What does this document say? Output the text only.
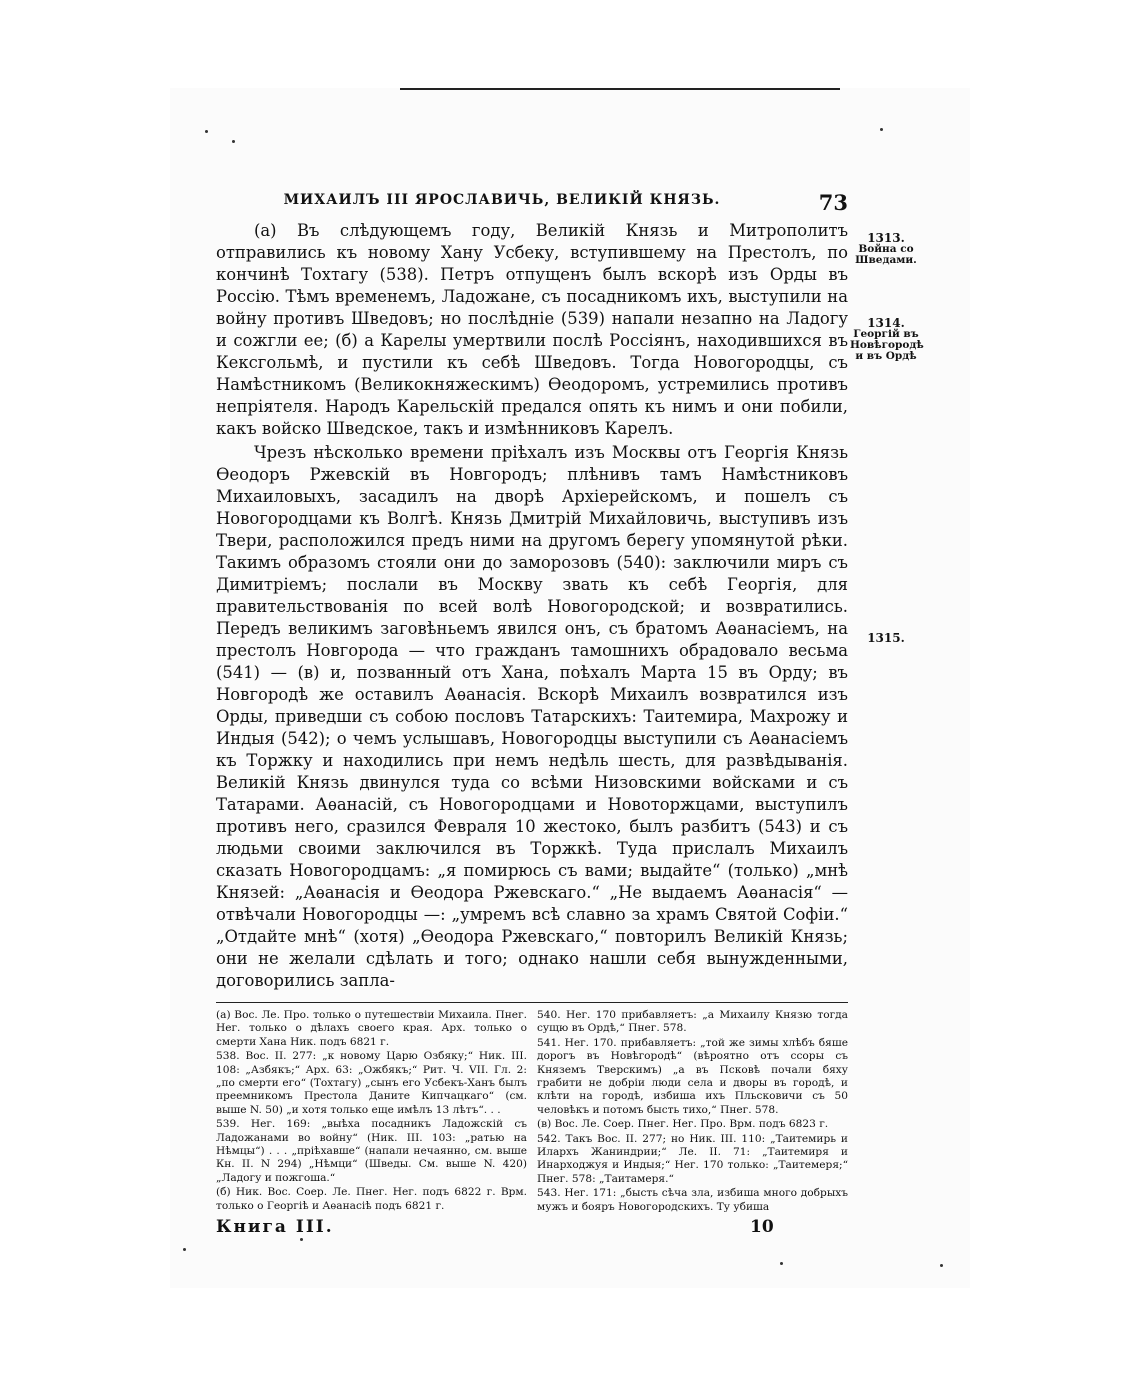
1313.
Война со Шведами.
1314.
Георгій въ Новѣгородѣ и въ Ордѣ
1315.
МИХАИЛЪ III ЯРОСЛАВИЧЬ, ВЕЛИКІЙ КНЯЗЬ.	73

(а) Въ слѣдующемъ году, Великій Князь и Митрополитъ отправились къ новому Хану Усбеку, вступившему на Престолъ, по кончинѣ Тохтагу (538). Петръ отпущенъ былъ вскорѣ изъ Орды въ Россію. Тѣмъ временемъ, Ладожане, съ посадникомъ ихъ, выступили на войну противъ Шведовъ; но послѣдніе (539) напали незапно на Ладогу и сожгли ее; (б) а Карелы умертвили послѣ Россіянъ, находившихся въ Кексгольмѣ, и пустили къ себѣ Шведовъ. Тогда Новогородцы, съ Намѣстникомъ (Великокняжескимъ) Ѳеодоромъ, устремились противъ непріятеля. Народъ Карельскій предался опять къ нимъ и они побили, какъ войско Шведское, такъ и измѣнниковъ Карелъ.

Чрезъ нѣсколько времени пріѣхалъ изъ Москвы отъ Георгія Князь Ѳеодоръ Ржевскій въ Новгородъ; плѣнивъ тамъ Намѣстниковъ Михаиловыхъ, засадилъ на дворѣ Архіерейскомъ, и пошелъ съ Новогородцами къ Волгѣ. Князь Дмитрій Михайловичь, выступивъ изъ Твери, расположился предъ ними на другомъ берегу упомянутой рѣки. Такимъ образомъ стояли они до заморозовъ (540): заключили миръ съ Димитріемъ; послали въ Москву звать къ себѣ Георгія, для правительствованія по всей волѣ Новогородской; и возвратились. Передъ великимъ заговѣньемъ явился онъ, съ братомъ Аѳанасіемъ, на престолъ Новгорода — что гражданъ тамошнихъ обрадовало весьма (541) — (в) и, позванный отъ Хана, поѣхалъ Марта 15 въ Орду; въ Новгородѣ же оставилъ Аѳанасія. Вскорѣ Михаилъ возвратился изъ Орды, приведши съ собою пословъ Татарскихъ: Таитемира, Махрожу и Индыя (542); о чемъ услышавъ, Новогородцы выступили съ Аѳанасіемъ къ Торжку и находились при немъ недѣль шесть, для развѣдыванія. Великій Князь двинулся туда со всѣми Низовскими войсками и съ Татарами. Аѳанасій, съ Новогородцами и Новоторжцами, выступилъ противъ него, сразился Февраля 10 жестоко, былъ разбитъ (543) и съ людьми своими заключился въ Торжкѣ. Туда прислалъ Михаилъ сказать Новогородцамъ: „я помирюсь съ вами; выдайте“ (только) „мнѣ Князей: „Аѳанасія и Ѳеодора Ржевскаго.“ „Не выдаемъ Аѳанасія“ — отвѣчали Новогородцы —: „умремъ всѣ славно за храмъ Святой Софіи.“ „Отдайте мнѣ“ (хотя) „Ѳеодора Ржевскаго,“ повторилъ Великій Князь; они не желали сдѣлать и того; однако нашли себя вынужденными, договорились запла-

(а) Вос. Ле. Про. только о путешествіи Михаила. Пнег. Нег. только о дѣлахъ своего края. Арх. только о смерти Хана Ник. подъ 6821 г.
538. Вос. II. 277: „к новому Царю Озбяку;“ Ник. III. 108: „Азбякъ;“ Арх. 63: „Ожбякъ;“ Рит. Ч. VII. Гл. 2: „по смерти его“ (Тохтагу) „сынъ его Усбекъ-Ханъ былъ преемникомъ Престола Даните Кипчацкаго“ (см. выше N. 50) „и хотя только еще имѣлъ 13 лѣтъ“. . .
539. Нег. 169: „выѣха посадникъ Ладожскій съ Ладожанами во войну“ (Ник. III. 103: „ратью на Нѣмцы“) . . . „пріѣхавше“ (напали нечаянно, см. выше Кн. II. N 294) „Нѣмци“ (Шведы. См. выше N. 420) „Ладогу и пожгоша.“
(б) Ник. Вос. Соер. Ле. Пнег. Нег. подъ 6822 г. Врм. только о Георгіѣ и Аѳанасіѣ подъ 6821 г.
540. Нег. 170 прибавляетъ: „а Михаилу Князю тогда сущю въ Ордѣ,“ Пнег. 578.
541. Нег. 170. прибавляетъ: „той же зимы хлѣбъ бяше дорогъ въ Новѣгородѣ“ (вѣроятно отъ ссоры съ Княземъ Тверскимъ) „а въ Псковѣ почали бяху грабити не добріи люди села и дворы въ городѣ, и клѣти на городѣ, избиша ихъ Пльсковичи съ 50 человѣкъ и потомъ бысть тихо,“ Пнег. 578.
(в) Вос. Ле. Соер. Пнег. Нег. Про. Врм. подъ 6823 г.
542. Такъ Вос. II. 277; но Ник. III. 110: „Таитемирь и Илархъ Жаниндрии;“ Ле. II. 71: „Таитемиря и Инарходжуя и Индыя;“ Нег. 170 только: „Таитемеря;“ Пнег. 578: „Таитамеря.“
543. Нег. 171: „бысть сѣча зла, избиша много добрыхъ мужъ и бояръ Новогородскихъ. Ту убиша
Книга III.	10
